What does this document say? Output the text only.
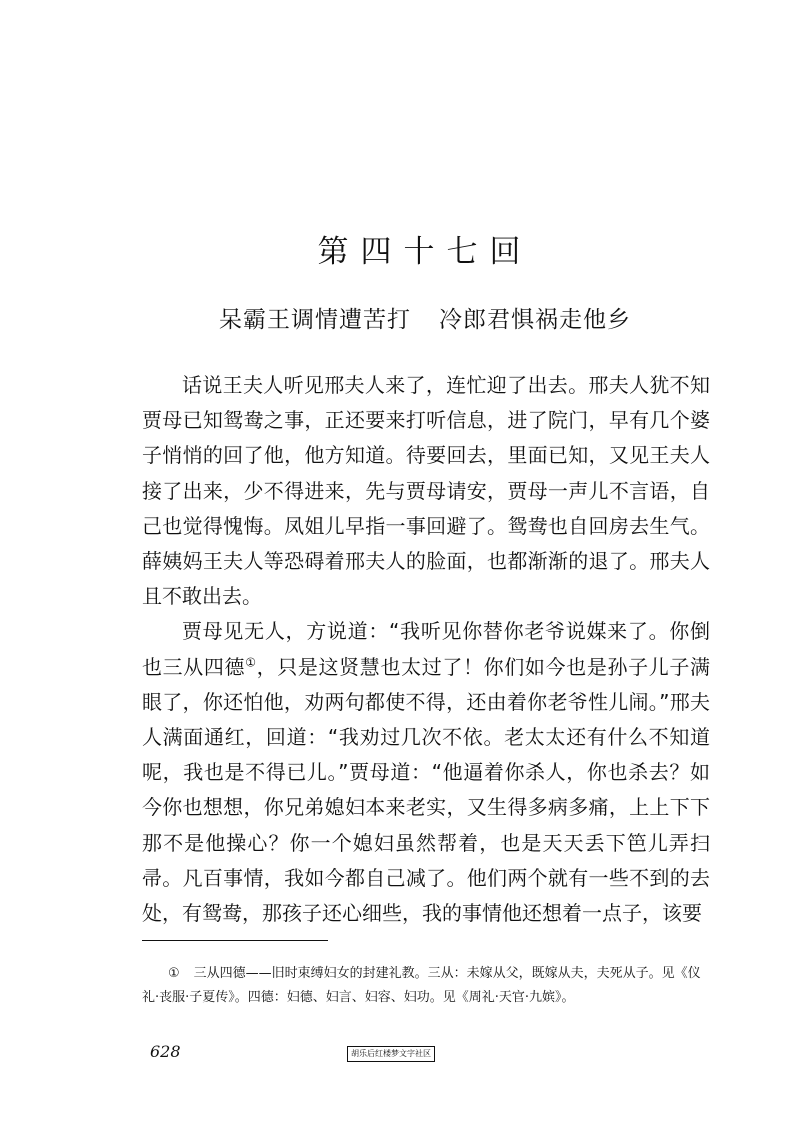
第四十七回
呆霸王调情遭苦打 冷郎君惧祸走他乡

话说王夫人听见邢夫人来了，连忙迎了出去。邢夫人犹不知贾母已知鸳鸯之事，正还要来打听信息，进了院门，早有几个婆子悄悄的回了他，他方知道。待要回去，里面已知，又见王夫人接了出来，少不得进来，先与贾母请安，贾母一声儿不言语，自己也觉得愧悔。凤姐儿早指一事回避了。鸳鸯也自回房去生气。薛姨妈王夫人等恐碍着邢夫人的脸面，也都渐渐的退了。邢夫人且不敢出去。

贾母见无人，方说道：“我听见你替你老爷说媒来了。你倒也三从四德①，只是这贤慧也太过了！你们如今也是孙子儿子满眼了，你还怕他，劝两句都使不得，还由着你老爷性儿闹。”邢夫人满面通红，回道：“我劝过几次不依。老太太还有什么不知道呢，我也是不得已儿。”贾母道：“他逼着你杀人，你也杀去？如今你也想想，你兄弟媳妇本来老实，又生得多病多痛，上上下下那不是他操心？你一个媳妇虽然帮着，也是天天丢下笆儿弄扫帚。凡百事情，我如今都自己减了。他们两个就有一些不到的去处，有鸳鸯，那孩子还心细些，我的事情他还想着一点子，该要

① 三从四德——旧时束缚妇女的封建礼教。三从：未嫁从父，既嫁从夫，夫死从子。见《仪礼·丧服·子夏传》。四德：妇德、妇言、妇容、妇功。见《周礼·天官·九嫔》。
628	胡乐后红楼梦文字社区
